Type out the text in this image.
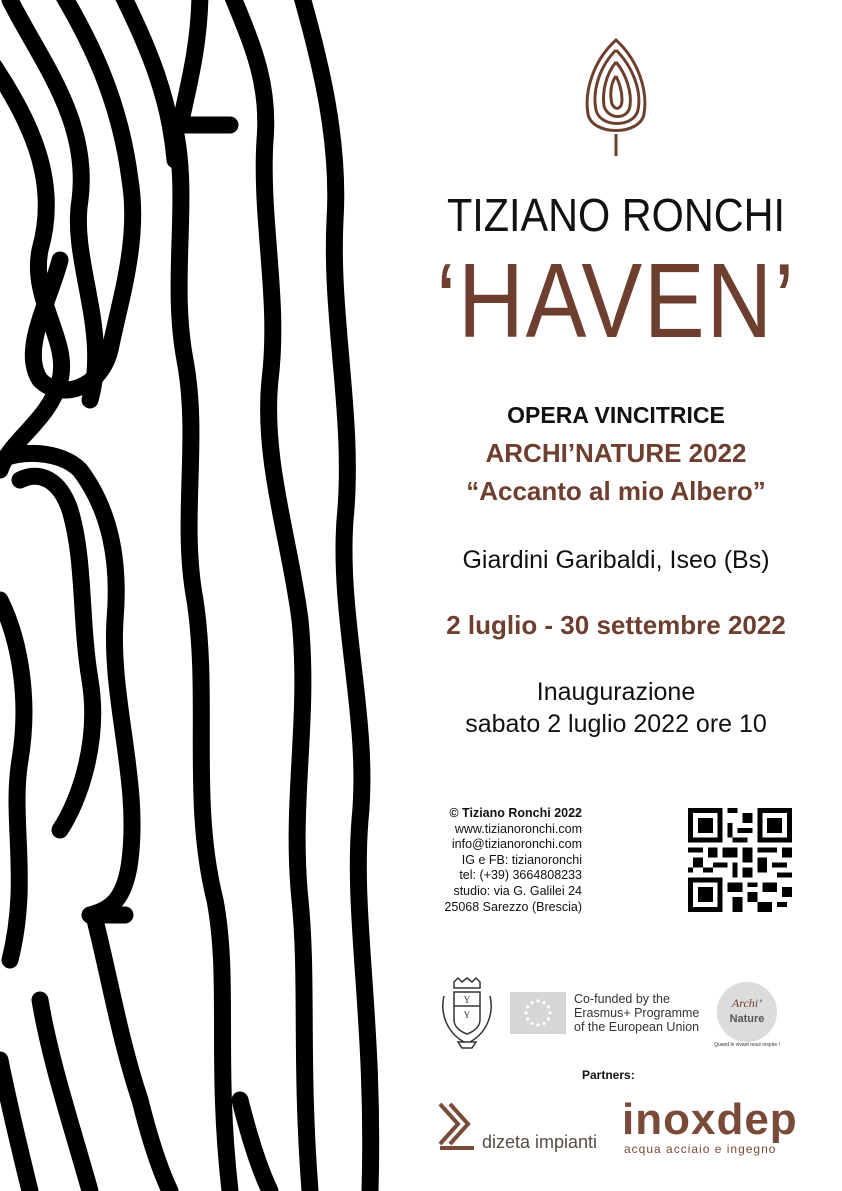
TIZIANO RONCHI
‘HAVEN’
OPERA VINCITRICE
ARCHI’NATURE 2022
“Accanto al mio Albero”
Giardini Garibaldi, Iseo (Bs)
2 luglio - 30 settembre 2022
Inaugurazione
sabato 2 luglio 2022 ore 10
© Tiziano Ronchi 2022
www.tizianoronchi.com
info@tizianoronchi.com
IG e FB: tizianoronchi
tel: (+39) 3664808233
studio: via G. Galilei 24
25068 Sarezzo (Brescia)
Y
Y
Co-funded by the
Erasmus+ Programme
of the European Union
Archi’
Nature
Quand le vivant nous inspire !
Partners:
dizeta impianti inoxdep
acqua acciaio e ingegno
